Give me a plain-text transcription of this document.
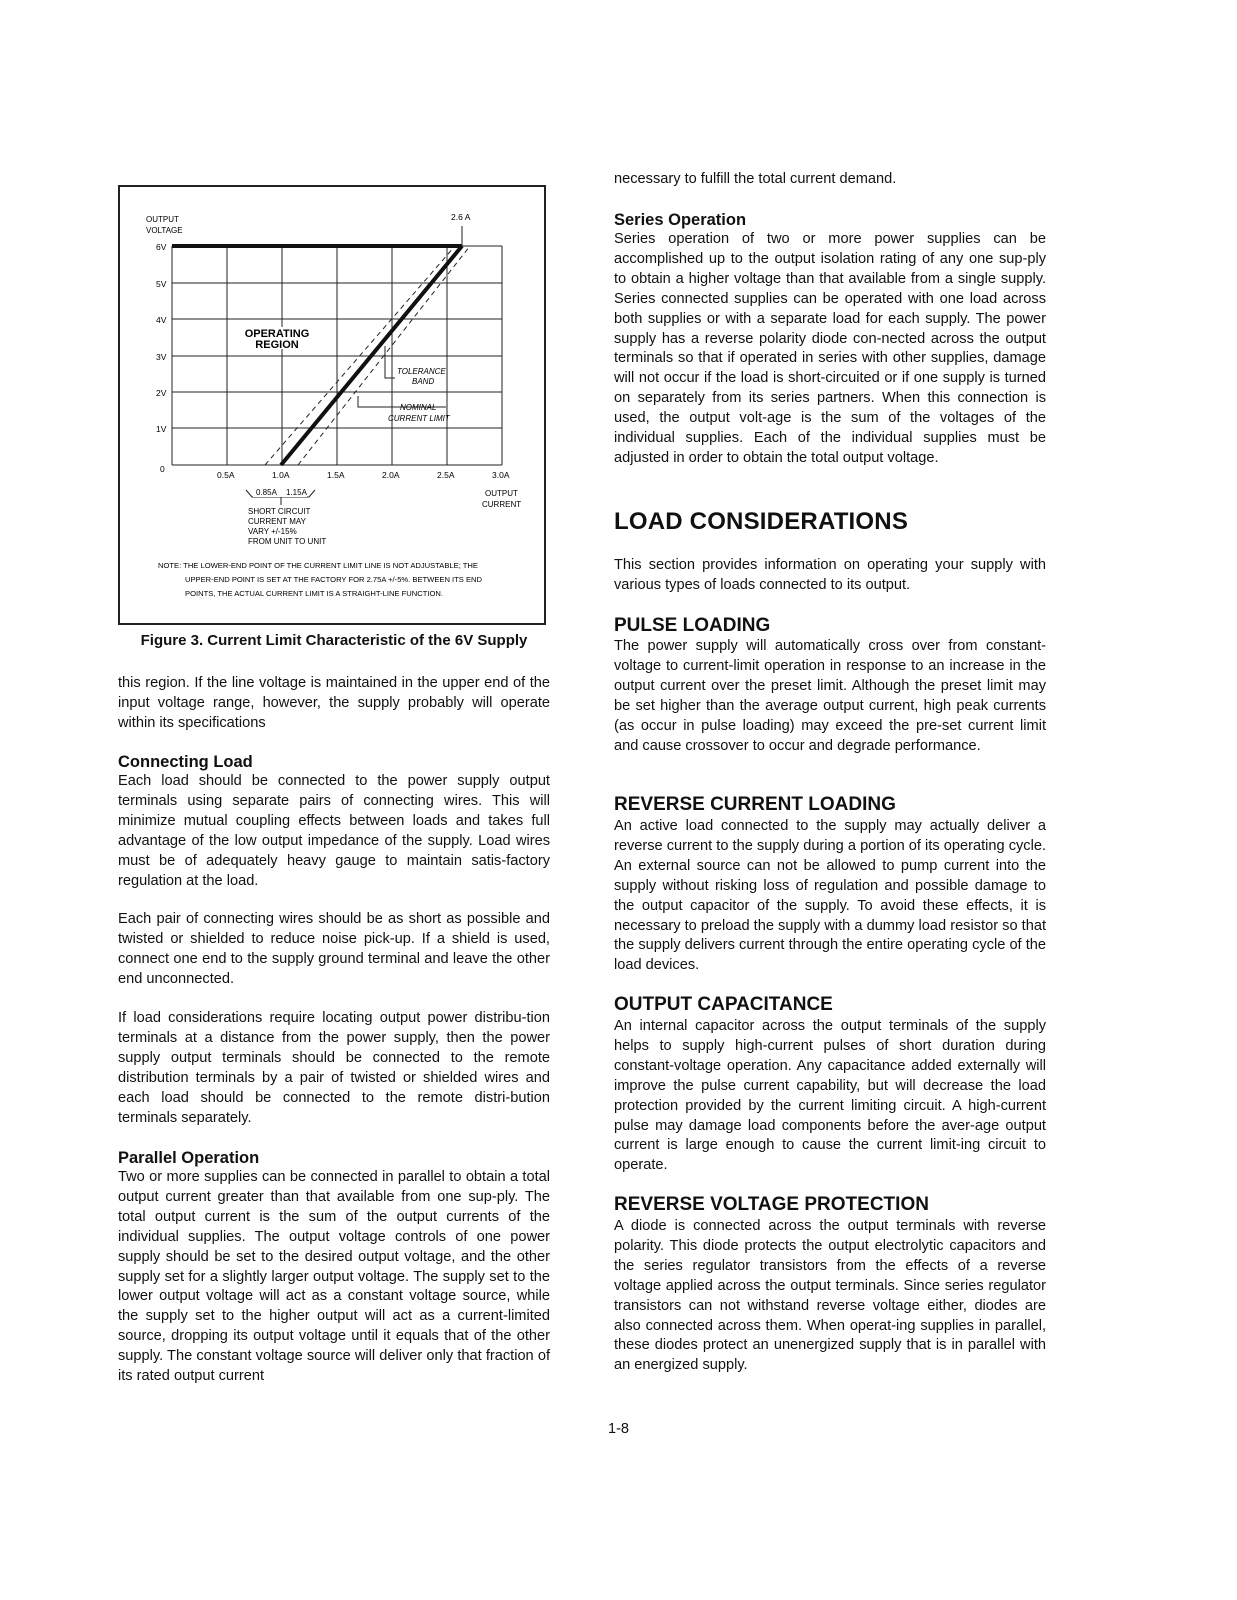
2.6 A
OUTPUT
VOLTAGE
6V
5V
4V
3V
2V
1V
0
0.5A	1.0A	1.5A	2.0A	2.5A	3.0A
OUTPUT
CURRENT
OPERATING
REGION
TOLERANCE
BAND
NOMINAL
CURRENT LIMIT
0.85A 1.15A
SHORT CIRCUIT
CURRENT MAY
VARY +/-15%
FROM UNIT TO UNIT
NOTE: THE LOWER-END POINT OF THE CURRENT LIMIT LINE IS NOT ADJUSTABLE; THE
UPPER-END POINT IS SET AT THE FACTORY FOR 2.75A +/-5%. BETWEEN ITS END
POINTS, THE ACTUAL CURRENT LIMIT IS A STRAIGHT-LINE FUNCTION.
Figure 3. Current Limit Characteristic of the 6V Supply

this region. If the line voltage is maintained in the upper end of the input voltage range, however, the supply probably will operate within its specifications

Connecting Load

Each load should be connected to the power supply output terminals using separate pairs of connecting wires. This will minimize mutual coupling effects between loads and takes full advantage of the low output impedance of the supply. Load wires must be of adequately heavy gauge to maintain satis-factory regulation at the load.

Each pair of connecting wires should be as short as possible and twisted or shielded to reduce noise pick-up. If a shield is used, connect one end to the supply ground terminal and leave the other end unconnected.

If load considerations require locating output power distribu-tion terminals at a distance from the power supply, then the power supply output terminals should be connected to the remote distribution terminals by a pair of twisted or shielded wires and each load should be connected to the remote distri-bution terminals separately.

Parallel Operation

Two or more supplies can be connected in parallel to obtain a total output current greater than that available from one sup-ply. The total output current is the sum of the output currents of the individual supplies. The output voltage controls of one power supply should be set to the desired output voltage, and the other supply set for a slightly larger output voltage. The supply set to the lower output voltage will act as a constant voltage source, while the supply set to the higher output will act as a current-limited source, dropping its output voltage until it equals that of the other supply. The constant voltage source will deliver only that fraction of its rated output current

necessary to fulfill the total current demand.

Series Operation

Series operation of two or more power supplies can be accomplished up to the output isolation rating of any one sup-ply to obtain a higher voltage than that available from a single supply. Series connected supplies can be operated with one load across both supplies or with a separate load for each supply. The power supply has a reverse polarity diode con-nected across the output terminals so that if operated in series with other supplies, damage will not occur if the load is short-circuited or if one supply is turned on separately from its series partners. When this connection is used, the output volt-age is the sum of the voltages of the individual supplies. Each of the individual supplies must be adjusted in order to obtain the total output voltage.

LOAD CONSIDERATIONS

This section provides information on operating your supply with various types of loads connected to its output.

PULSE LOADING

The power supply will automatically cross over from constant-voltage to current-limit operation in response to an increase in the output current over the preset limit. Although the preset limit may be set higher than the average output current, high peak currents (as occur in pulse loading) may exceed the pre-set current limit and cause crossover to occur and degrade performance.

REVERSE CURRENT LOADING

An active load connected to the supply may actually deliver a reverse current to the supply during a portion of its operating cycle. An external source can not be allowed to pump current into the supply without risking loss of regulation and possible damage to the output capacitor of the supply. To avoid these effects, it is necessary to preload the supply with a dummy load resistor so that the supply delivers current through the entire operating cycle of the load devices.

OUTPUT CAPACITANCE

An internal capacitor across the output terminals of the supply helps to supply high-current pulses of short duration during constant-voltage operation. Any capacitance added externally will improve the pulse current capability, but will decrease the load protection provided by the current limiting circuit. A high-current pulse may damage load components before the aver-age output current is large enough to cause the current limit-ing circuit to operate.

REVERSE VOLTAGE PROTECTION

A diode is connected across the output terminals with reverse polarity. This diode protects the output electrolytic capacitors and the series regulator transistors from the effects of a reverse voltage applied across the output terminals. Since series regulator transistors can not withstand reverse voltage either, diodes are also connected across them. When operat-ing supplies in parallel, these diodes protect an unenergized supply that is in parallel with an energized supply.

1-8
